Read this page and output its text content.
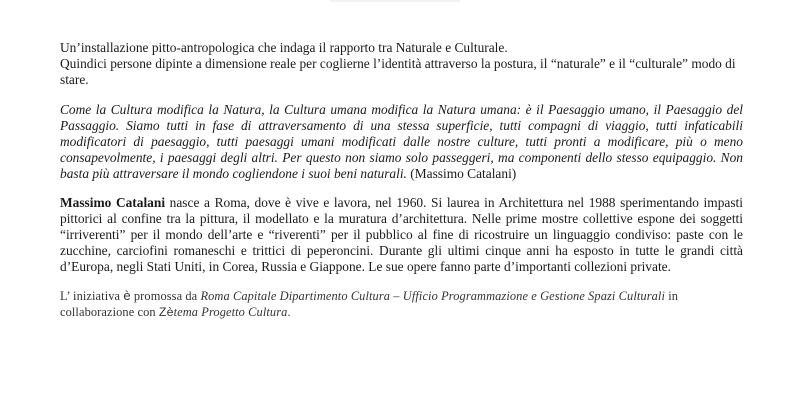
Un’installazione pitto-antropologica che indaga il rapporto tra Naturale e Culturale.
Quindici persone dipinte a dimensione reale per coglierne l’identità attraverso la postura, il “naturale” e il “culturale” modo di stare.

Come la Cultura modifica la Natura, la Cultura umana modifica la Natura umana: è il Paesaggio umano, il Paesaggio del Passaggio. Siamo tutti in fase di attraversamento di una stessa superficie, tutti compagni di viaggio, tutti infaticabili modificatori di paesaggio, tutti paesaggi umani modificati dalle nostre culture, tutti pronti a modificare, più o meno consapevolmente, i paesaggi degli altri. Per questo non siamo solo passeggeri, ma componenti dello stesso equipaggio. Non basta più attraversare il mondo cogliendone i suoi beni naturali. (Massimo Catalani)

Massimo Catalani nasce a Roma, dove è vive e lavora, nel 1960. Si laurea in Architettura nel 1988 sperimentando impasti pittorici al confine tra la pittura, il modellato e la muratura d’architettura. Nelle prime mostre collettive espone dei soggetti “irriverenti” per il mondo dell’arte e “riverenti” per il pubblico al fine di ricostruire un linguaggio condiviso: paste con le zucchine, carciofini romaneschi e trittici di peperoncini. Durante gli ultimi cinque anni ha esposto in tutte le grandi città d’Europa, negli Stati Uniti, in Corea, Russia e Giappone. Le sue opere fanno parte d’importanti collezioni private.

L’ iniziativa è promossa da Roma Capitale Dipartimento Cultura – Ufficio Programmazione e Gestione Spazi Culturali in collaborazione con Zètema Progetto Cultura.
